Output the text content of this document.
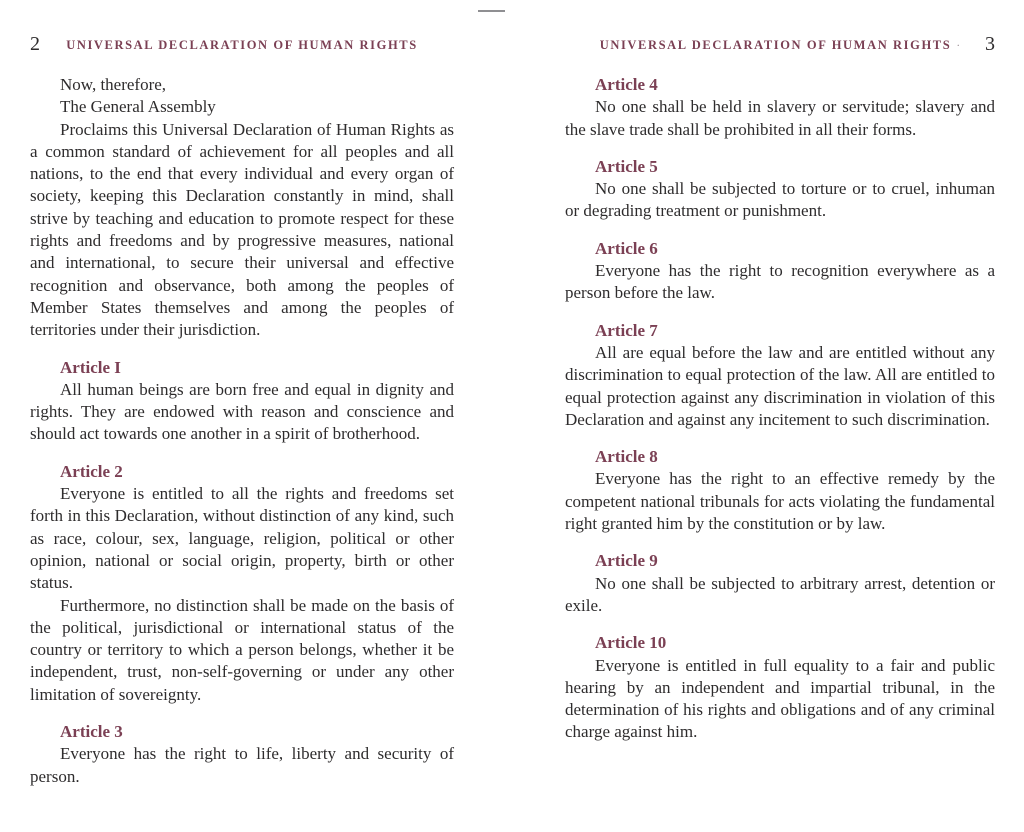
2 UNIVERSAL DECLARATION OF HUMAN RIGHTS

Now, therefore,

The General Assembly

Proclaims this Universal Declaration of Human Rights as a common standard of achievement for all peoples and all nations, to the end that every individual and every organ of society, keeping this Declaration constantly in mind, shall strive by teaching and education to promote respect for these rights and freedoms and by progressive measures, national and international, to secure their universal and effective recognition and observance, both among the peoples of Member States themselves and among the peoples of territories under their jurisdiction.

Article I

All human beings are born free and equal in dignity and rights. They are endowed with reason and conscience and should act towards one another in a spirit of brotherhood.

Article 2

Everyone is entitled to all the rights and freedoms set forth in this Declaration, without distinction of any kind, such as race, colour, sex, language, religion, political or other opinion, national or social origin, property, birth or other status.

Furthermore, no distinction shall be made on the basis of the political, jurisdictional or international status of the country or territory to which a person belongs, whether it be independent, trust, non-self-governing or under any other limitation of sovereignty.

Article 3

Everyone has the right to life, liberty and security of person.

UNIVERSAL DECLARATION OF HUMAN RIGHTS · 3
Article 4

No one shall be held in slavery or servitude; slavery and the slave trade shall be prohibited in all their forms.

Article 5

No one shall be subjected to torture or to cruel, inhuman or degrading treatment or punishment.

Article 6

Everyone has the right to recognition everywhere as a person before the law.

Article 7

All are equal before the law and are entitled without any discrimination to equal protection of the law. All are entitled to equal protection against any discrimination in violation of this Declaration and against any incitement to such discrimination.

Article 8

Everyone has the right to an effective remedy by the competent national tribunals for acts violating the fundamental right granted him by the constitution or by law.

Article 9

No one shall be subjected to arbitrary arrest, detention or exile.

Article 10

Everyone is entitled in full equality to a fair and public hearing by an independent and impartial tribunal, in the determination of his rights and obligations and of any criminal charge against him.
